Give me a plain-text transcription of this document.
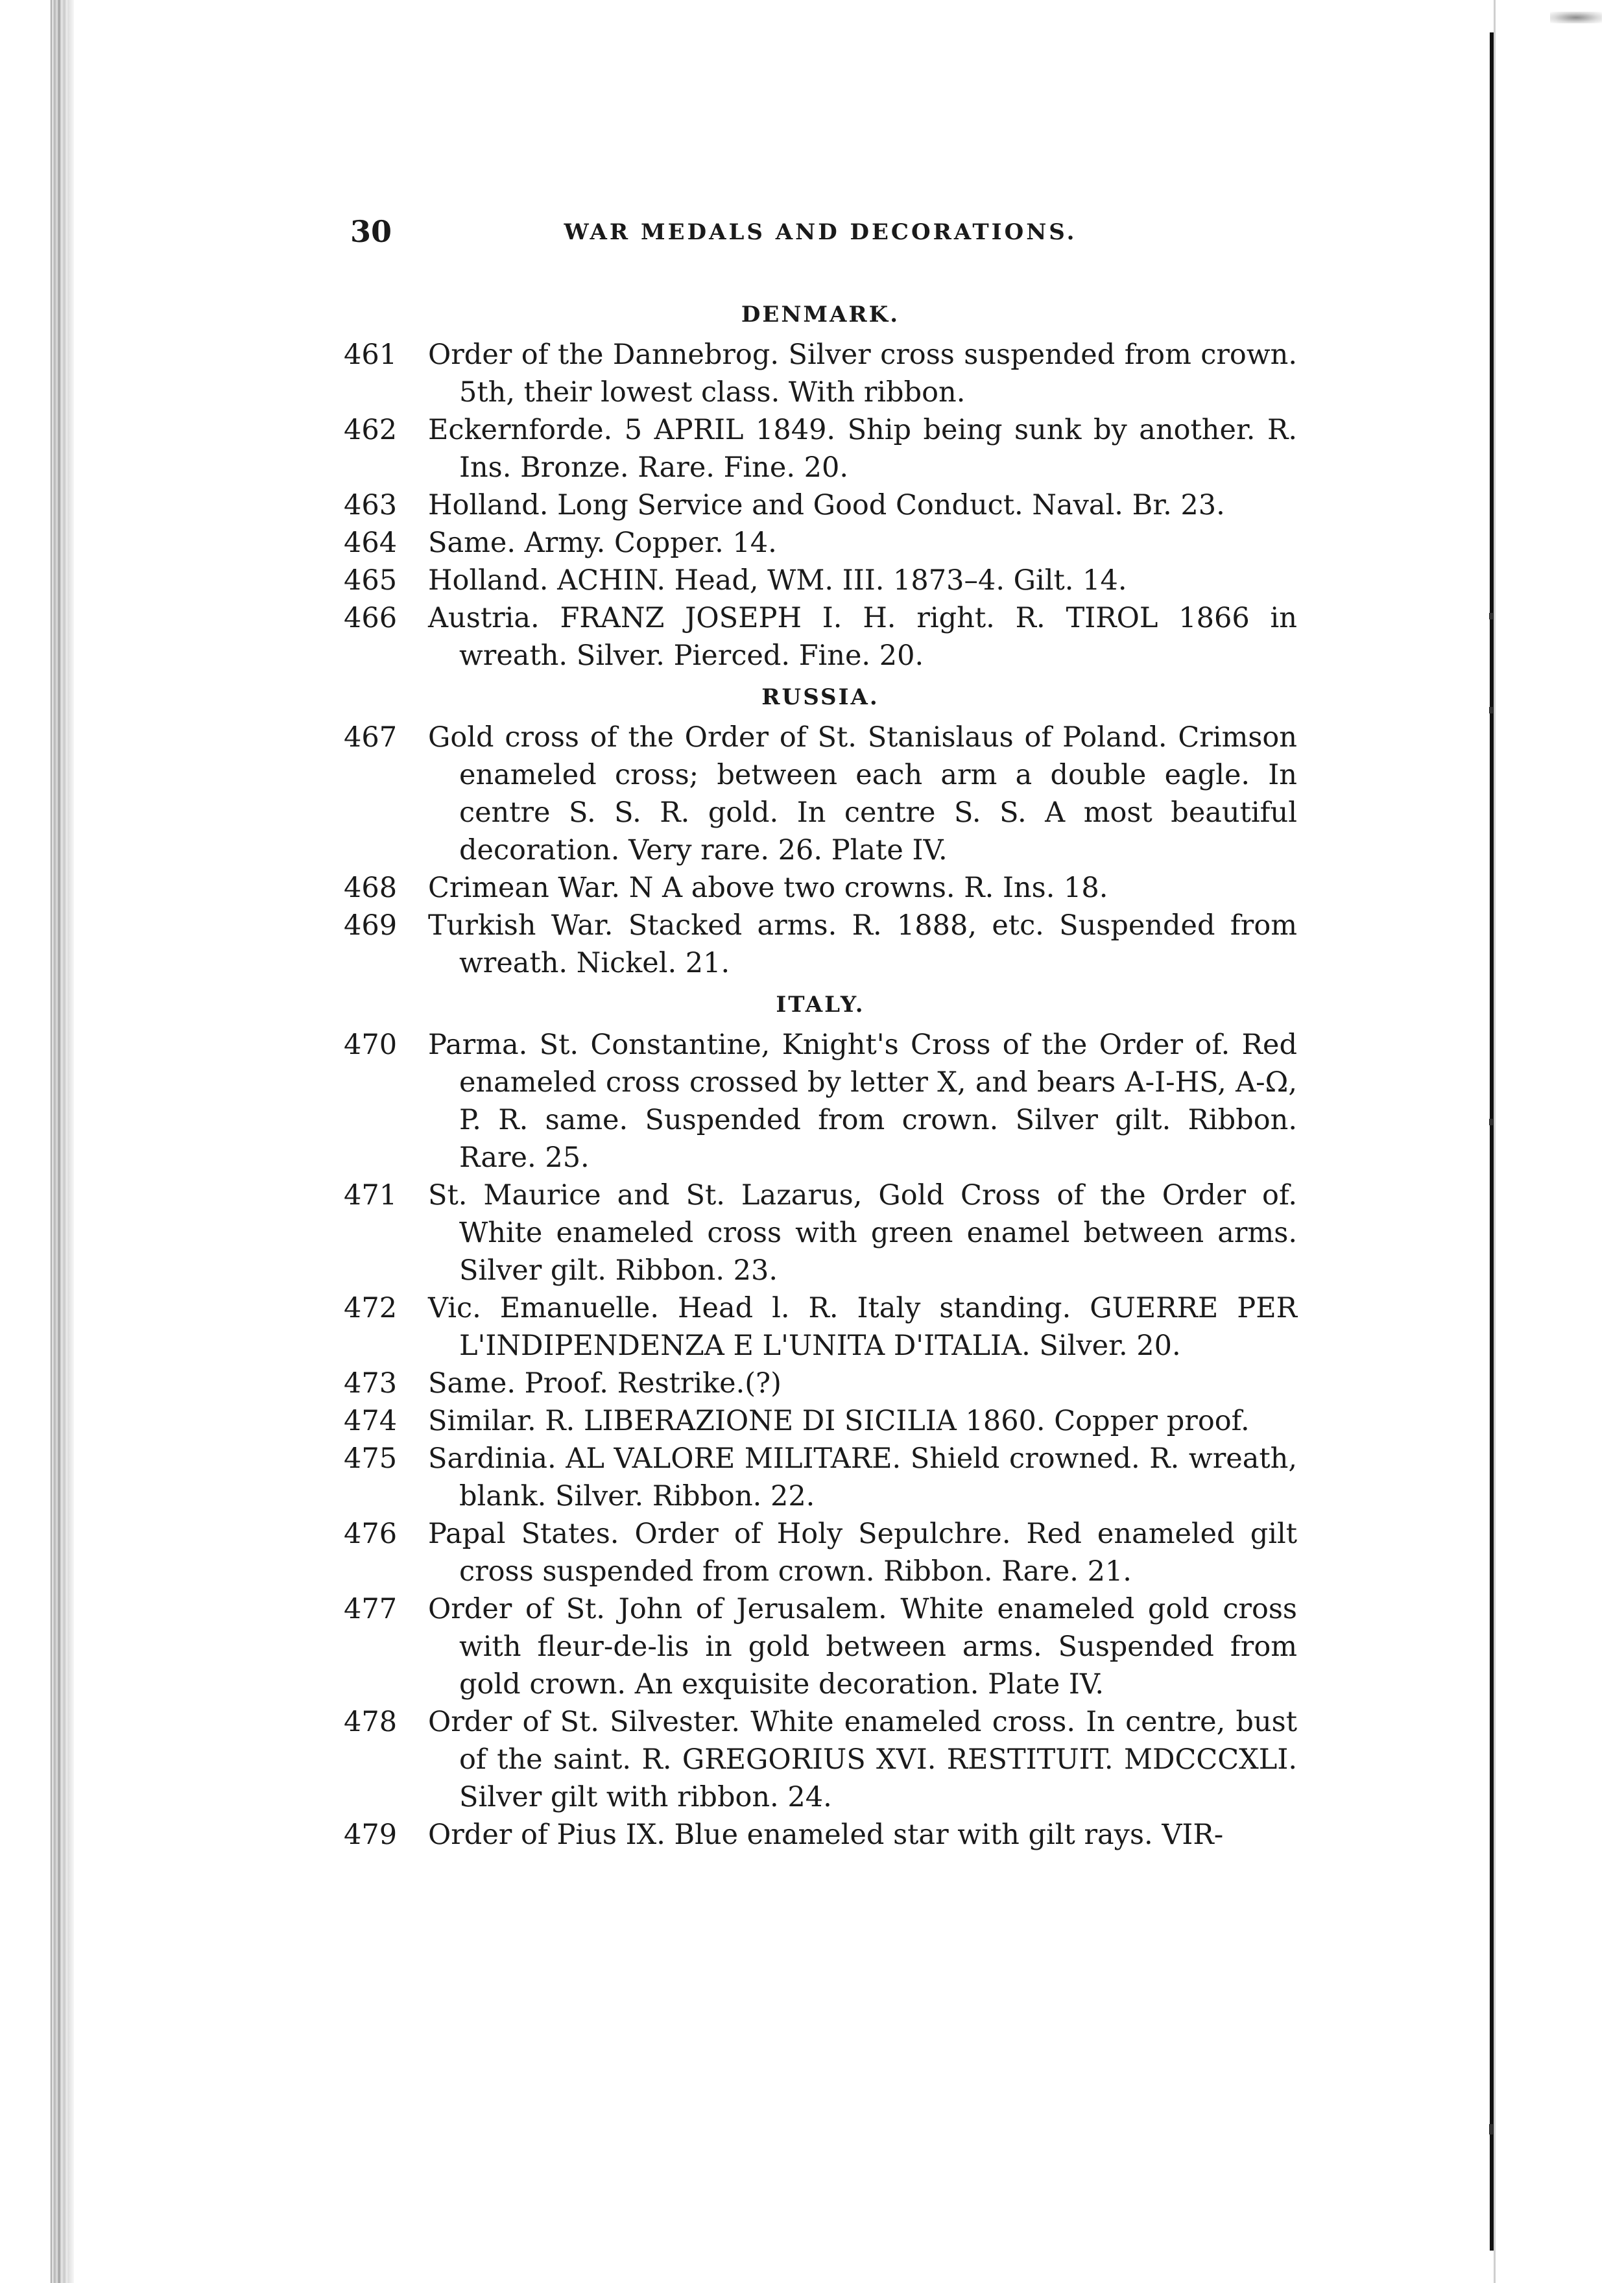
30	WAR MEDALS AND DECORATIONS.
DENMARK.
461	Order of the Dannebrog. Silver cross suspended from crown. 5th, their lowest class. With ribbon.
462	Eckernforde. 5 APRIL 1849. Ship being sunk by another. R. Ins. Bronze. Rare. Fine. 20.
463	Holland. Long Service and Good Conduct. Naval. Br. 23.
464	Same. Army. Copper. 14.
465	Holland. ACHIN. Head, WM. III. 1873–4. Gilt. 14.
466	Austria. FRANZ JOSEPH I. H. right. R. TIROL 1866 in wreath. Silver. Pierced. Fine. 20.
RUSSIA.
467	Gold cross of the Order of St. Stanislaus of Poland. Crimson enameled cross; between each arm a double eagle. In centre S. S. R. gold. In centre S. S. A most beautiful decoration. Very rare. 26. Plate IV.
468	Crimean War. N A above two crowns. R. Ins. 18.
469	Turkish War. Stacked arms. R. 1888, etc. Suspended from wreath. Nickel. 21.
ITALY.
470	Parma. St. Constantine, Knight's Cross of the Order of. Red enameled cross crossed by letter X, and bears A-I-HS, A-Ω, P. R. same. Suspended from crown. Silver gilt. Ribbon. Rare. 25.
471	St. Maurice and St. Lazarus, Gold Cross of the Order of. White enameled cross with green enamel between arms. Silver gilt. Ribbon. 23.
472	Vic. Emanuelle. Head l. R. Italy standing. GUERRE PER L'INDIPENDENZA E L'UNITA D'ITALIA. Silver. 20.
473	Same. Proof. Restrike.(?)
474	Similar. R. LIBERAZIONE DI SICILIA 1860. Copper proof.
475	Sardinia. AL VALORE MILITARE. Shield crowned. R. wreath, blank. Silver. Ribbon. 22.
476	Papal States. Order of Holy Sepulchre. Red enameled gilt cross suspended from crown. Ribbon. Rare. 21.
477	Order of St. John of Jerusalem. White enameled gold cross with fleur-de-lis in gold between arms. Suspended from gold crown. An exquisite decoration. Plate IV.
478	Order of St. Silvester. White enameled cross. In centre, bust of the saint. R. GREGORIUS XVI. RESTITUIT. MDCCCXLI. Silver gilt with ribbon. 24.
479	Order of Pius IX. Blue enameled star with gilt rays. VIR-
